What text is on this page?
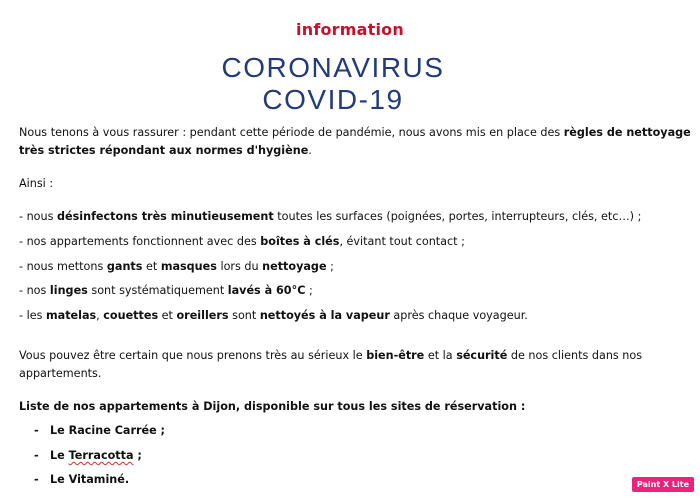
information
CORONAVIRUS
COVID-19
Nous tenons à vous rassurer : pendant cette période de pandémie, nous avons mis en place des règles de nettoyage
très strictes répondant aux normes d'hygiène.
Ainsi :
- nous désinfectons très minutieusement toutes les surfaces (poignées, portes, interrupteurs, clés, etc…) ;
- nos appartements fonctionnent avec des boîtes à clés, évitant tout contact ;
- nous mettons gants et masques lors du nettoyage ;
- nos linges sont systématiquement lavés à 60°C ;
- les matelas, couettes et oreillers sont nettoyés à la vapeur après chaque voyageur.
Vous pouvez être certain que nous prenons très au sérieux le bien-être et la sécurité de nos clients dans nos
appartements.
Liste de nos appartements à Dijon, disponible sur tous les sites de réservation :
- Le Racine Carrée ;
- Le Terracotta ;
- Le Vitaminé.	Paint X Lite
